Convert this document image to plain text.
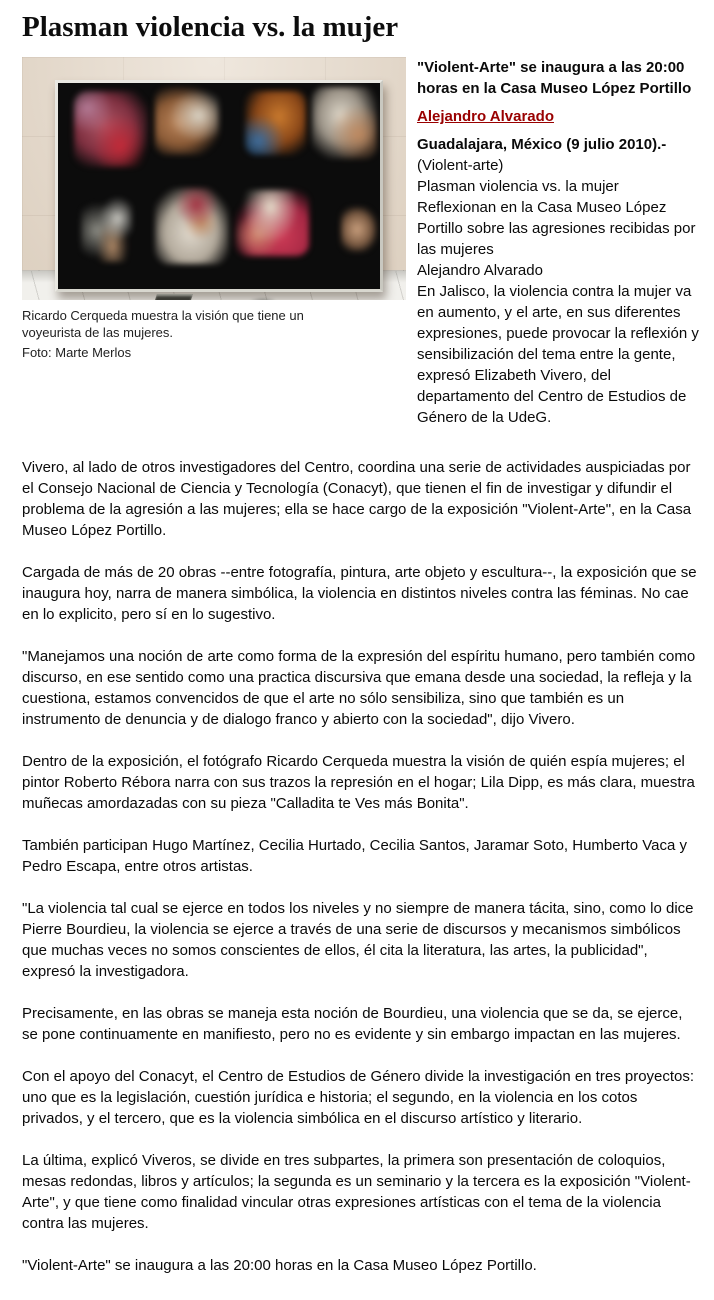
Plasman violencia vs. la mujer
Ricardo Cerqueda muestra la visión que tiene un voyeurista de las mujeres.
Foto: Marte Merlos
"Violent-Arte" se inaugura a las 20:00 horas en la Casa Museo López Portillo
Alejandro Alvarado
Guadalajara, México (9 julio 2010).- (Violent-arte)
Plasman violencia vs. la mujer
Reflexionan en la Casa Museo López Portillo sobre las agresiones recibidas por las mujeres
Alejandro Alvarado
En Jalisco, la violencia contra la mujer va en aumento, y el arte, en sus diferentes expresiones, puede provocar la reflexión y sensibilización del tema entre la gente, expresó Elizabeth Vivero, del departamento del Centro de Estudios de Género de la UdeG.

Vivero, al lado de otros investigadores del Centro, coordina una serie de actividades auspiciadas por el Consejo Nacional de Ciencia y Tecnología (Conacyt), que tienen el fin de investigar y difundir el problema de la agresión a las mujeres; ella se hace cargo de la exposición "Violent-Arte", en la Casa Museo López Portillo.

Cargada de más de 20 obras --entre fotografía, pintura, arte objeto y escultura--, la exposición que se inaugura hoy, narra de manera simbólica, la violencia en distintos niveles contra las féminas. No cae en lo explicito, pero sí en lo sugestivo.

"Manejamos una noción de arte como forma de la expresión del espíritu humano, pero también como discurso, en ese sentido como una practica discursiva que emana desde una sociedad, la refleja y la cuestiona, estamos convencidos de que el arte no sólo sensibiliza, sino que también es un instrumento de denuncia y de dialogo franco y abierto con la sociedad", dijo Vivero.

Dentro de la exposición, el fotógrafo Ricardo Cerqueda muestra la visión de quién espía mujeres; el pintor Roberto Rébora narra con sus trazos la represión en el hogar; Lila Dipp, es más clara, muestra muñecas amordazadas con su pieza "Calladita te Ves más Bonita".

También participan Hugo Martínez, Cecilia Hurtado, Cecilia Santos, Jaramar Soto, Humberto Vaca y Pedro Escapa, entre otros artistas.

"La violencia tal cual se ejerce en todos los niveles y no siempre de manera tácita, sino, como lo dice Pierre Bourdieu, la violencia se ejerce a través de una serie de discursos y mecanismos simbólicos que muchas veces no somos conscientes de ellos, él cita la literatura, las artes, la publicidad", expresó la investigadora.

Precisamente, en las obras se maneja esta noción de Bourdieu, una violencia que se da, se ejerce, se pone continuamente en manifiesto, pero no es evidente y sin embargo impactan en las mujeres.

Con el apoyo del Conacyt, el Centro de Estudios de Género divide la investigación en tres proyectos: uno que es la legislación, cuestión jurídica e historia; el segundo, en la violencia en los cotos privados, y el tercero, que es la violencia simbólica en el discurso artístico y literario.

La última, explicó Viveros, se divide en tres subpartes, la primera son presentación de coloquios, mesas redondas, libros y artículos; la segunda es un seminario y la tercera es la exposición "Violent-Arte", y que tiene como finalidad vincular otras expresiones artísticas con el tema de la violencia contra las mujeres.

"Violent-Arte" se inaugura a las 20:00 horas en la Casa Museo López Portillo.
